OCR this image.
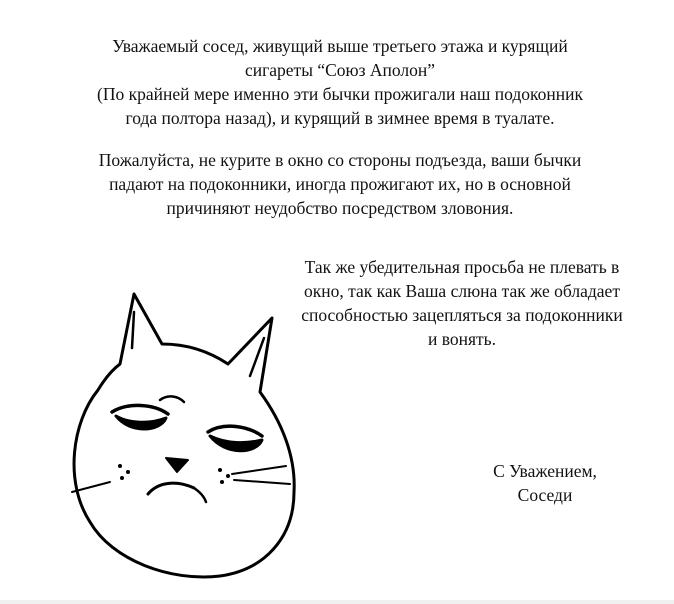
Уважаемый сосед, живущий выше третьего этажа и курящий
сигареты “Союз Аполон”
(По крайней мере именно эти бычки прожигали наш подоконник
года полтора назад), и курящий в зимнее время в туалате.
Пожалуйста, не курите в окно со стороны подъезда, ваши бычки
падают на подоконники, иногда прожигают их, но в основной
причиняют неудобство посредством зловония.
Так же убедительная просьба не плевать в
окно, так как Ваша слюна так же обладает
способностью зацепляться за подоконники
и вонять.
С Уважением,
Соседи
